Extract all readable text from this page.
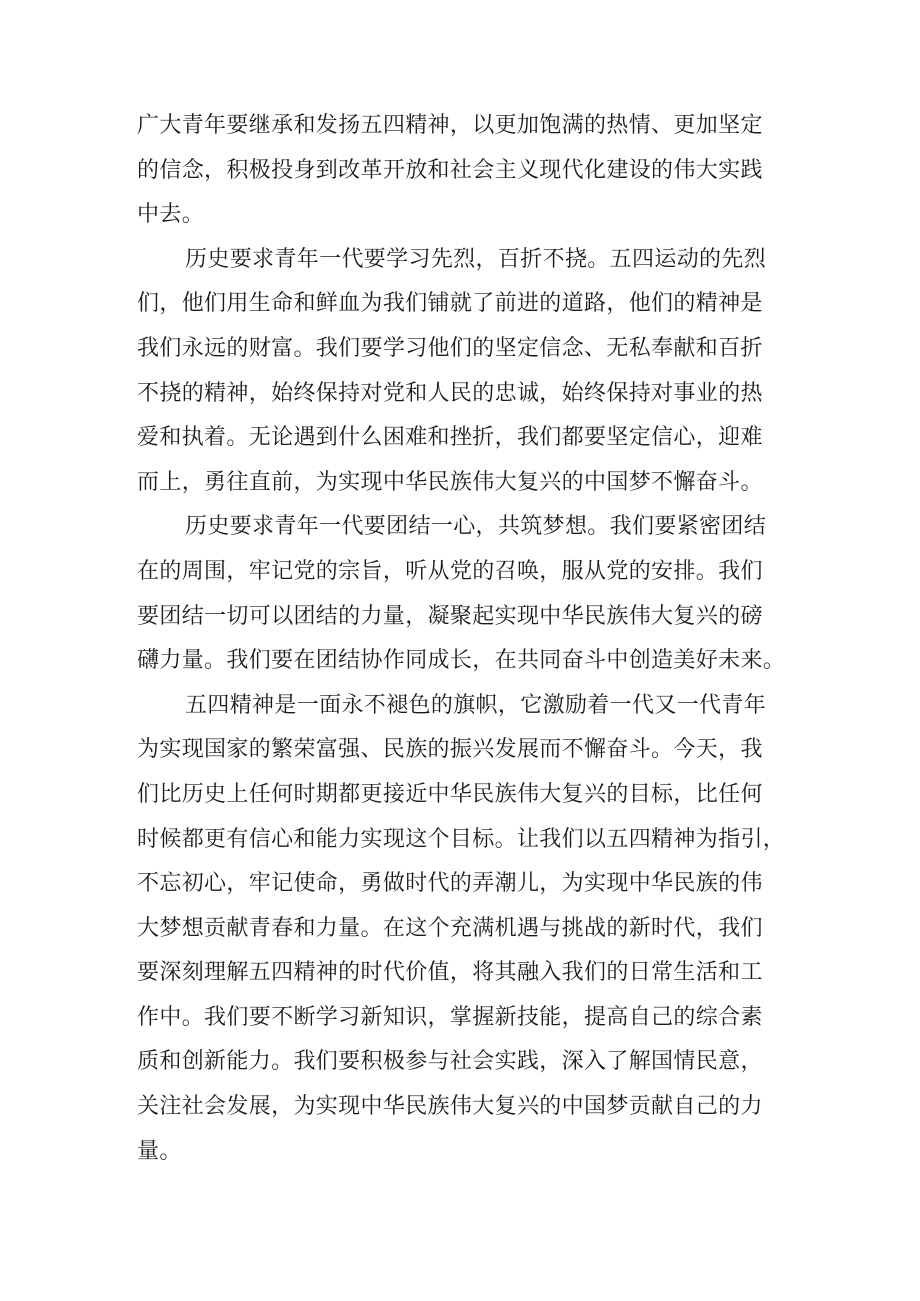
广大青年要继承和发扬五四精神，以更加饱满的热情、更加坚定
的信念，积极投身到改革开放和社会主义现代化建设的伟大实践
中去。
历史要求青年一代要学习先烈，百折不挠。五四运动的先烈
们，他们用生命和鲜血为我们铺就了前进的道路，他们的精神是
我们永远的财富。我们要学习他们的坚定信念、无私奉献和百折
不挠的精神，始终保持对党和人民的忠诚，始终保持对事业的热
爱和执着。无论遇到什么困难和挫折，我们都要坚定信心，迎难
而上，勇往直前，为实现中华民族伟大复兴的中国梦不懈奋斗。
历史要求青年一代要团结一心，共筑梦想。我们要紧密团结
在的周围，牢记党的宗旨，听从党的召唤，服从党的安排。我们
要团结一切可以团结的力量，凝聚起实现中华民族伟大复兴的磅
礴力量。我们要在团结协作同成长，在共同奋斗中创造美好未来。
五四精神是一面永不褪色的旗帜，它激励着一代又一代青年
为实现国家的繁荣富强、民族的振兴发展而不懈奋斗。今天，我
们比历史上任何时期都更接近中华民族伟大复兴的目标，比任何
时候都更有信心和能力实现这个目标。让我们以五四精神为指引，
不忘初心，牢记使命，勇做时代的弄潮儿，为实现中华民族的伟
大梦想贡献青春和力量。在这个充满机遇与挑战的新时代，我们
要深刻理解五四精神的时代价值，将其融入我们的日常生活和工
作中。我们要不断学习新知识，掌握新技能，提高自己的综合素
质和创新能力。我们要积极参与社会实践，深入了解国情民意，
关注社会发展，为实现中华民族伟大复兴的中国梦贡献自己的力
量。
